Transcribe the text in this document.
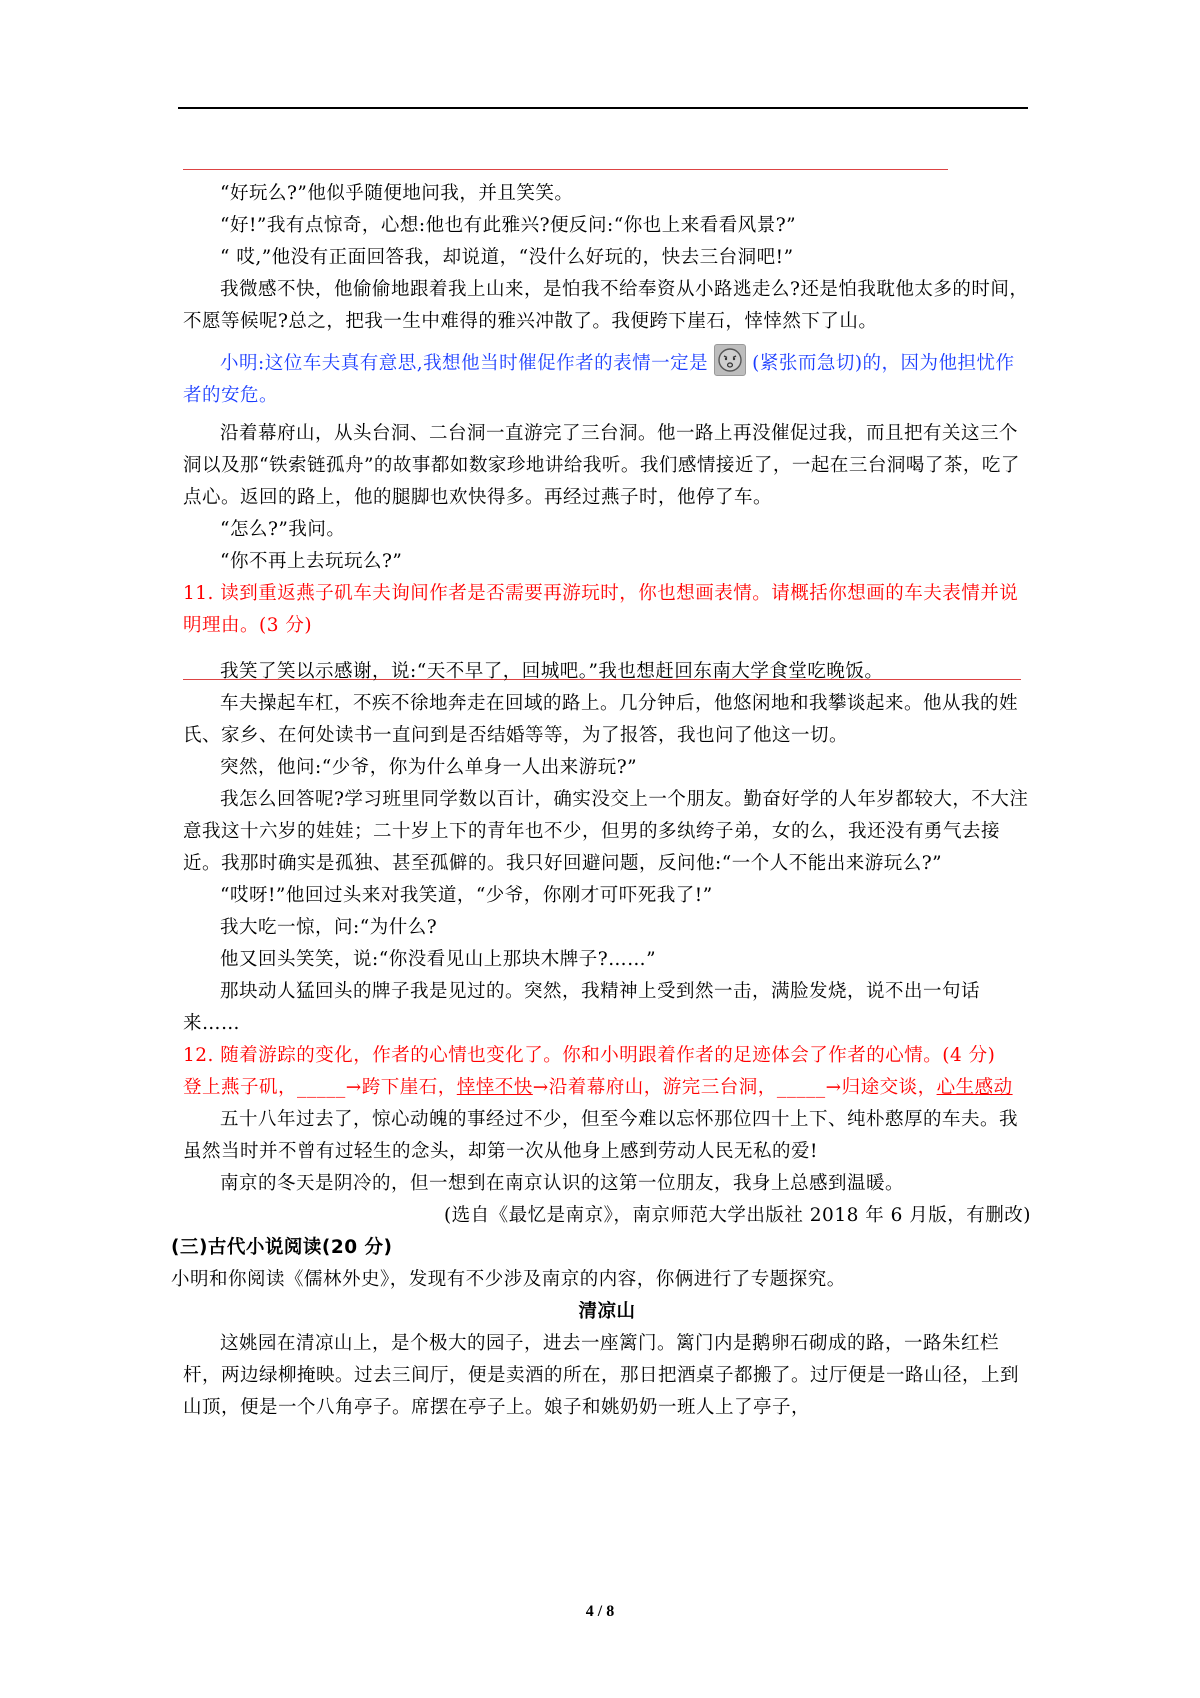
“好玩么?”他似乎随便地问我，并且笑笑。

“好!”我有点惊奇，心想:他也有此雅兴?便反问:“你也上来看看风景?”

“ 哎,”他没有正面回答我，却说道，“没什么好玩的，快去三台洞吧!”

我微感不快，他偷偷地跟着我上山来，是怕我不给奉资从小路逃走么?还是怕我耽他太多的时间，不愿等候呢?总之，把我一生中难得的雅兴冲散了。我便跨下崖石，悻悻然下了山。

小明:这位车夫真有意思,我想他当时催促作者的表情一定是 (紧张而急切)的，因为他担忧作者的安危。

沿着幕府山，从头台洞、二台洞一直游完了三台洞。他一路上再没催促过我，而且把有关这三个洞以及那“铁索链孤舟”的故事都如数家珍地讲给我听。我们感情接近了，一起在三台洞喝了茶，吃了点心。返回的路上，他的腿脚也欢快得多。再经过燕子时，他停了车。

“怎么?”我问。

“你不再上去玩玩么?”

11. 读到重返燕子矶车夫询间作者是否需要再游玩时，你也想画表情。请概括你想画的车夫表情并说明理由。(3 分)

我笑了笑以示感谢，说:“天不早了，回城吧。”我也想赶回东南大学食堂吃晚饭。

车夫操起车杠，不疾不徐地奔走在回域的路上。几分钟后，他悠闲地和我攀谈起来。他从我的姓氏、家乡、在何处读书一直问到是否结婚等等，为了报答，我也问了他这一切。

突然，他问:“少爷，你为什么单身一人出来游玩?”

我怎么回答呢?学习班里同学数以百计，确实没交上一个朋友。勤奋好学的人年岁都较大，不大注意我这十六岁的娃娃；二十岁上下的青年也不少，但男的多纨绔子弟，女的么，我还没有勇气去接近。我那时确实是孤独、甚至孤僻的。我只好回避问题，反问他:“一个人不能出来游玩么?”

“哎呀!”他回过头来对我笑道，“少爷，你刚才可吓死我了!”

我大吃一惊，问:“为什么?

他又回头笑笑，说:“你没看见山上那块木牌子?……”

那块动人猛回头的牌子我是见过的。突然，我精神上受到然一击，满脸发烧，说不出一句话来……

12. 随着游踪的变化，作者的心情也变化了。你和小明跟着作者的足迹体会了作者的心情。(4 分)

登上燕子矶，_____→跨下崖石，悻悻不快→沿着幕府山，游完三台洞，_____→归途交谈，心生感动

五十八年过去了，惊心动魄的事经过不少，但至今难以忘怀那位四十上下、纯朴憨厚的车夫。我虽然当时并不曾有过轻生的念头，却第一次从他身上感到劳动人民无私的爱!

南京的冬天是阴冷的，但一想到在南京认识的这第一位朋友，我身上总感到温暖。

(选自《最忆是南京》，南京师范大学出版社 2018 年 6 月版，有删改)

(三)古代小说阅读(20 分)

小明和你阅读《儒林外史》，发现有不少涉及南京的内容，你俩进行了专题探究。

清凉山

这姚园在清凉山上，是个极大的园子，进去一座篱门。篱门内是鹅卵石砌成的路，一路朱红栏杆，两边绿柳掩映。过去三间厅，便是卖酒的所在，那日把酒桌子都搬了。过厅便是一路山径，上到山顶，便是一个八角亭子。席摆在亭子上。娘子和姚奶奶一班人上了亭子，

4 / 8
